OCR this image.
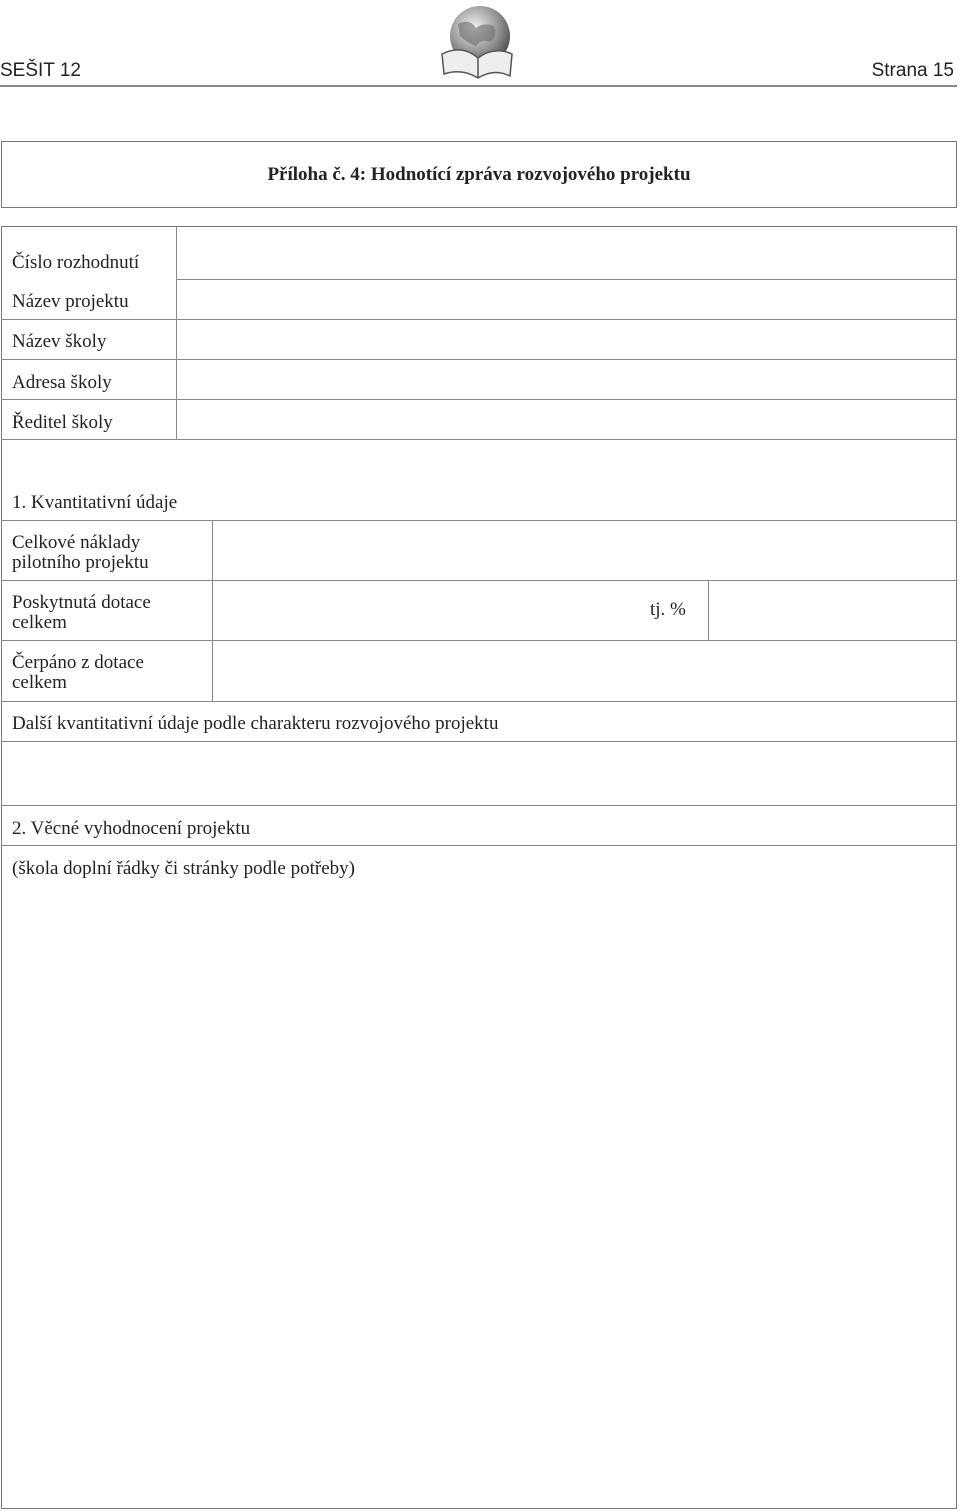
SEŠIT 12	Strana 15
Příloha č. 4: Hodnotící zpráva rozvojového projektu
Číslo rozhodnutí
Název projektu
Název školy
Adresa školy
Ředitel školy
1. Kvantitativní údaje
Celkové náklady
pilotního projektu
Poskytnutá dotace
celkem
tj. %
Čerpáno z dotace
celkem
Další kvantitativní údaje podle charakteru rozvojového projektu
2. Věcné vyhodnocení projektu
(škola doplní řádky či stránky podle potřeby)
